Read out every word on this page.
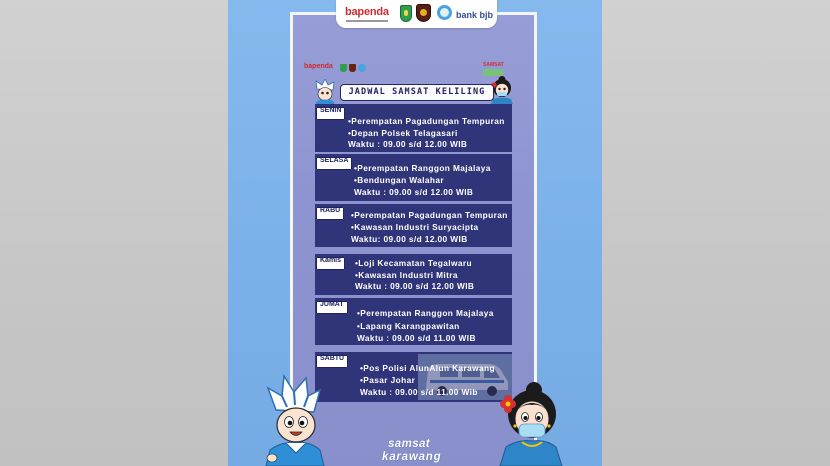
bapenda	bank bjb
bapenda	SAMSAT
JADWAL SAMSAT KELILING
SENIN
•Perempatan Pagadungan Tempuran
•Depan Polsek Telagasari
Waktu : 09.00 s/d 12.00 WIB
SELASA
•Perempatan Ranggon Majalaya
•Bendungan Walahar
Waktu : 09.00 s/d 12.00 WIB
RABU	•Perempatan Pagadungan Tempuran
•Kawasan Industri Suryacipta
Waktu: 09.00 s/d 12.00 WIB
Kamis	•Loji Kecamatan Tegalwaru
•Kawasan Industri Mitra
Waktu : 09.00 s/d 12.00 WIB
JUMAT
•Perempatan Ranggon Majalaya
•Lapang Karangpawitan
Waktu : 09.00 s/d 11.00 WIB
SABTU
•Pos Polisi AlunAlun Karawang
•Pasar Johar
Waktu : 09.00 s/d 11.00 Wib
samsat
karawang
